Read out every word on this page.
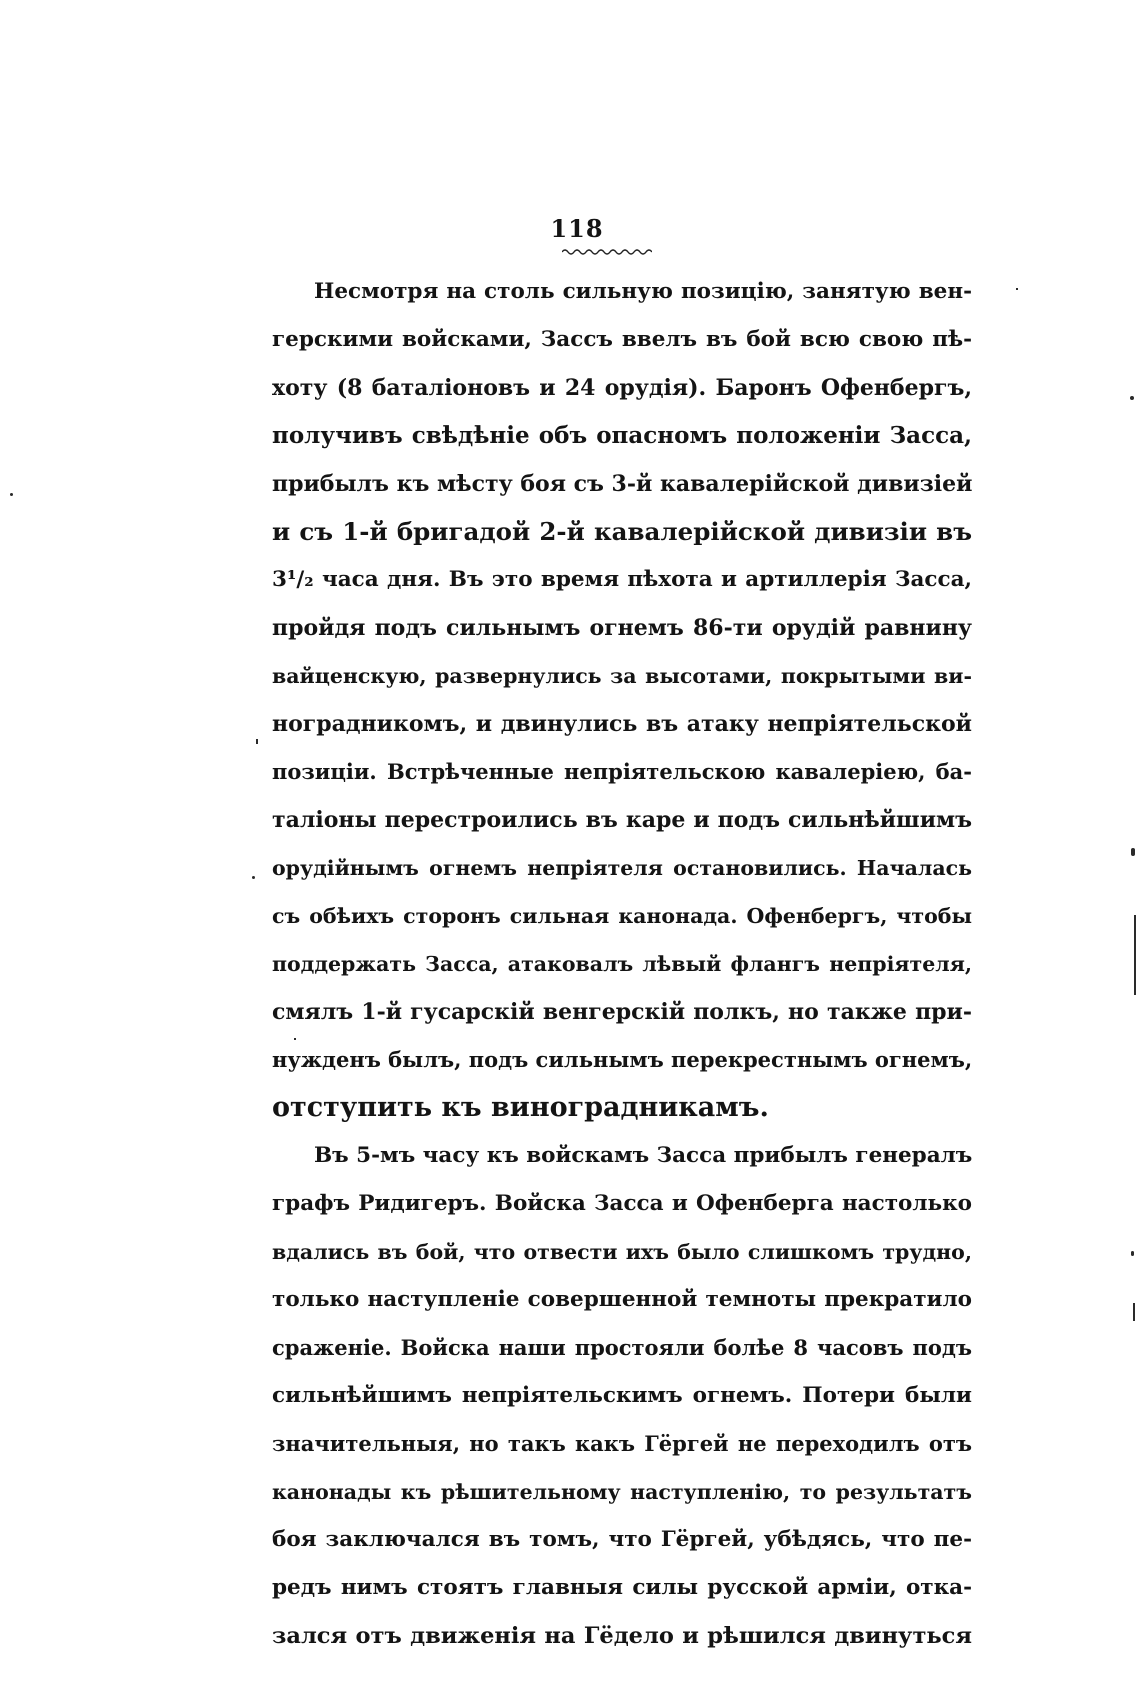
118
Несмотря на столь сильную позицію, занятую вен-
герскими войсками, Зассъ ввелъ въ бой всю свою пѣ-
хоту (8 баталіоновъ и 24 орудія). Баронъ Офенбергъ,
получивъ свѣдѣніе объ опасномъ положеніи Засса,
прибылъ къ мѣсту боя съ 3-й кавалерійской дивизіей
и съ 1-й бригадой 2-й кавалерійской дивизіи въ
3¹/₂ часа дня. Въ это время пѣхота и артиллерія Засса,
пройдя подъ сильнымъ огнемъ 86-ти орудій равнину
вайценскую, развернулись за высотами, покрытыми ви-
ноградникомъ, и двинулись въ атаку непріятельской
позиціи. Встрѣченные непріятельскою кавалеріею, ба-
таліоны перестроились въ каре и подъ сильнѣйшимъ
орудійнымъ огнемъ непріятеля остановились. Началась
съ обѣихъ сторонъ сильная канонада. Офенбергъ, чтобы
поддержать Засса, атаковалъ лѣвый флангъ непріятеля,
смялъ 1-й гусарскій венгерскій полкъ, но также при-
нужденъ былъ, подъ сильнымъ перекрестнымъ огнемъ,
отступить къ виноградникамъ.
Въ 5-мъ часу къ войскамъ Засса прибылъ генералъ
графъ Ридигеръ. Войска Засса и Офенберга настолько
вдались въ бой, что отвести ихъ было слишкомъ трудно,
только наступленіе совершенной темноты прекратило
сраженіе. Войска наши простояли болѣе 8 часовъ подъ
сильнѣйшимъ непріятельскимъ огнемъ. Потери были
значительныя, но такъ какъ Гёргей не переходилъ отъ
канонады къ рѣшительному наступленію, то результатъ
боя заключался въ томъ, что Гёргей, убѣдясь, что пе-
редъ нимъ стоятъ главныя силы русской арміи, отка-
зался отъ движенія на Гёдело и рѣшился двинуться
